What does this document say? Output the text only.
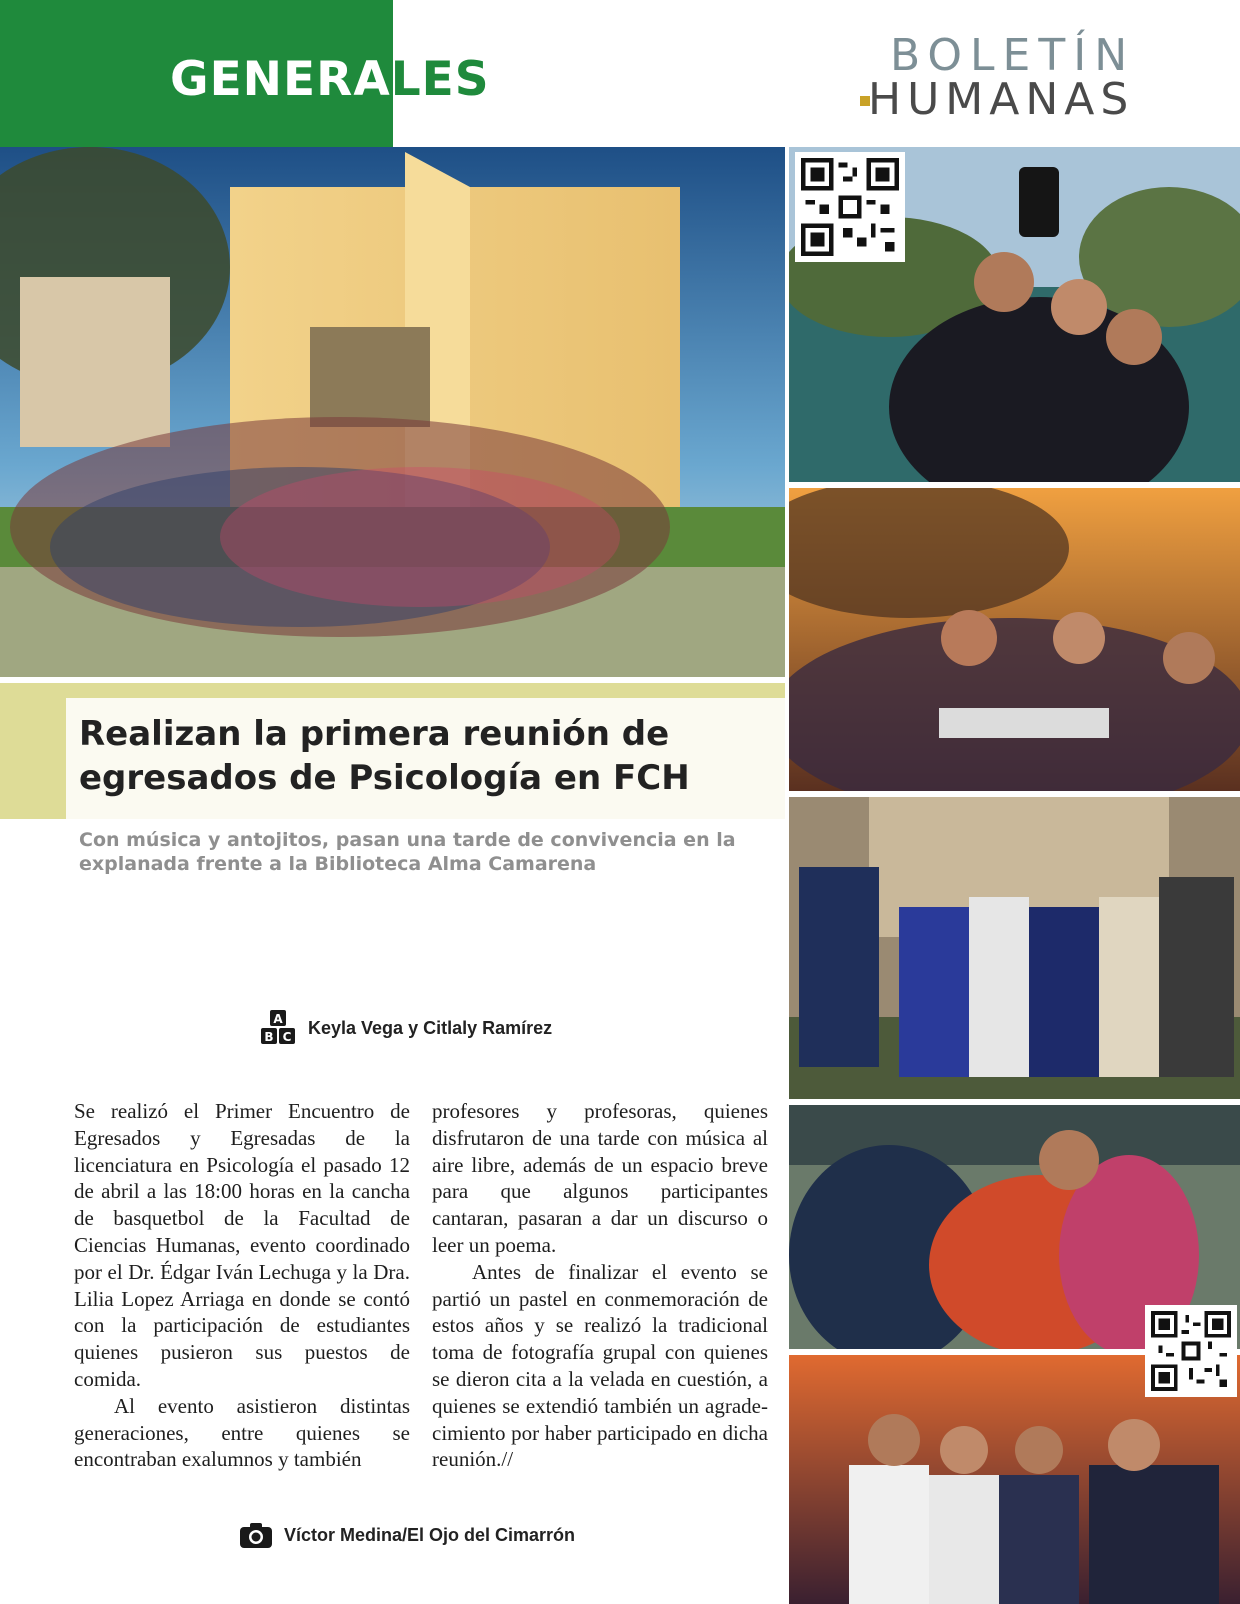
GENERALES	BOLETÍN
HUMANAS
Realizan la primera reunión de egresados de Psicología en FCH
Con música y antojitos, pasan una tarde de convivencia en la explanada frente a la Biblioteca Alma Camarena
A
B C Keyla Vega y Citlaly Ramírez

Se realizó el Primer Encuentro de Egresados y Egresadas de la licenciatura en Psicología el pasado 12 de abril a las 18:00 horas en la cancha de basquetbol de la Facultad de Ciencias Humanas, evento coordinado por el Dr. Édgar Iván Lechuga y la Dra. Lilia Lopez Arriaga en donde se contó con la participación de estudiantes quienes pusieron sus puestos de comida.

Al evento asistieron distintas generaciones, entre quienes se encontraban exalumnos y también

profesores y profesoras, quienes disfrutaron de una tarde con música al aire libre, además de un espacio breve para que algunos participantes cantaran, pasaran a dar un discurso o leer un poema.

Antes de finalizar el evento se partió un pastel en conmemoración de estos años y se realizó la tradicional toma de fotografía grupal con quienes se dieron cita a la velada en cuestión, a quienes se extendió también un agrade-cimiento por haber participado en dicha reunión.//

Víctor Medina/El Ojo del Cimarrón
